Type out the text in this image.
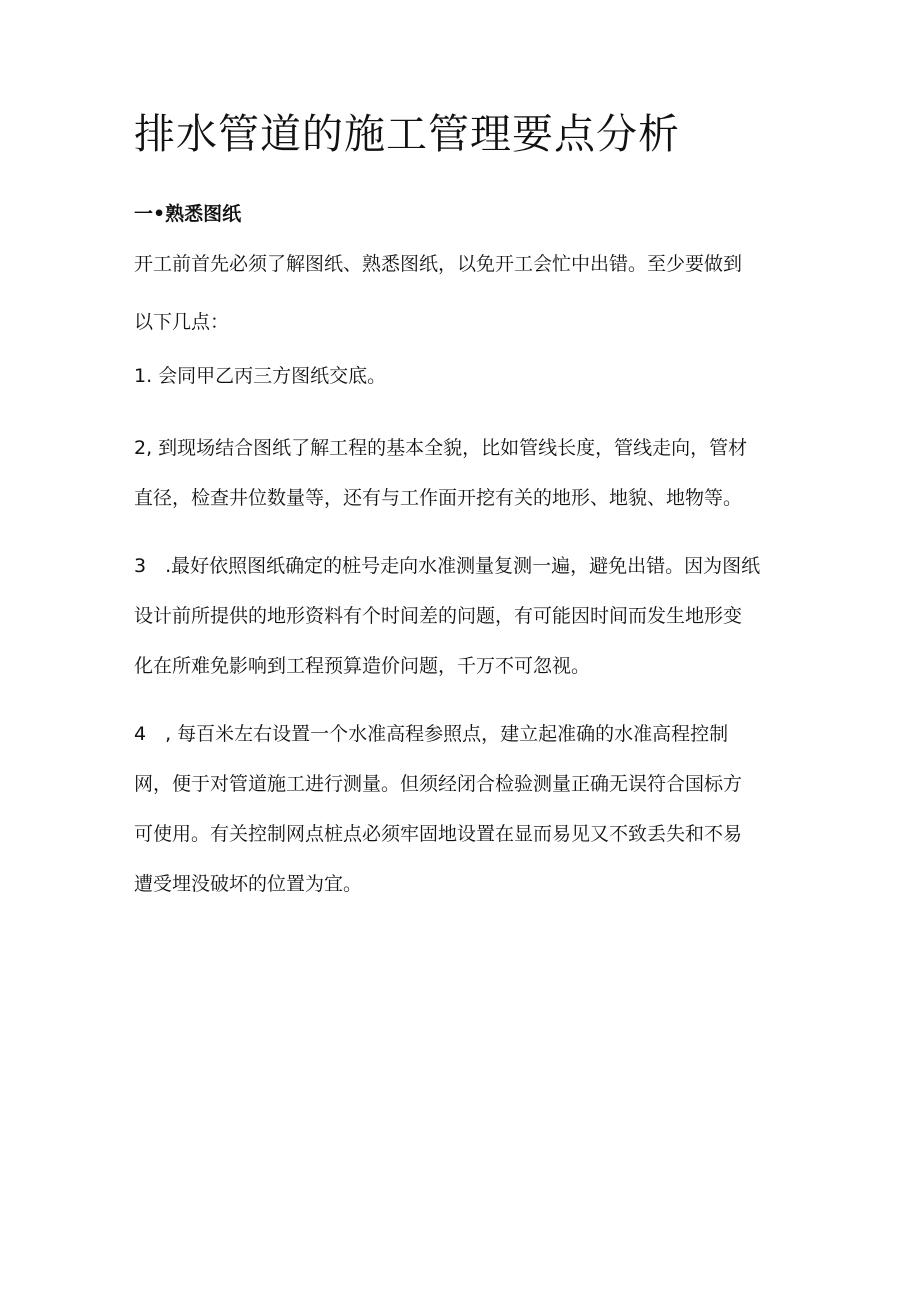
排水管道的施工管理要点分析
一•熟悉图纸
开工前首先必须了解图纸、熟悉图纸，以免开工会忙中出错。至少要做到
以下几点：
1. 会同甲乙丙三方图纸交底。
2, 到现场结合图纸了解工程的基本全貌，比如管线长度，管线走向，管材
直径，检查井位数量等，还有与工作面开挖有关的地形、地貌、地物等。
3　.最好依照图纸确定的桩号走向水准测量复测一遍，避免出错。因为图纸
设计前所提供的地形资料有个时间差的问题，有可能因时间而发生地形变
化在所难免影响到工程预算造价问题，千万不可忽视。
4　, 每百米左右设置一个水准高程参照点，建立起准确的水准高程控制
网，便于对管道施工进行测量。但须经闭合检验测量正确无误符合国标方
可使用。有关控制网点桩点必须牢固地设置在显而易见又不致丢失和不易
遭受埋没破坏的位置为宜。
